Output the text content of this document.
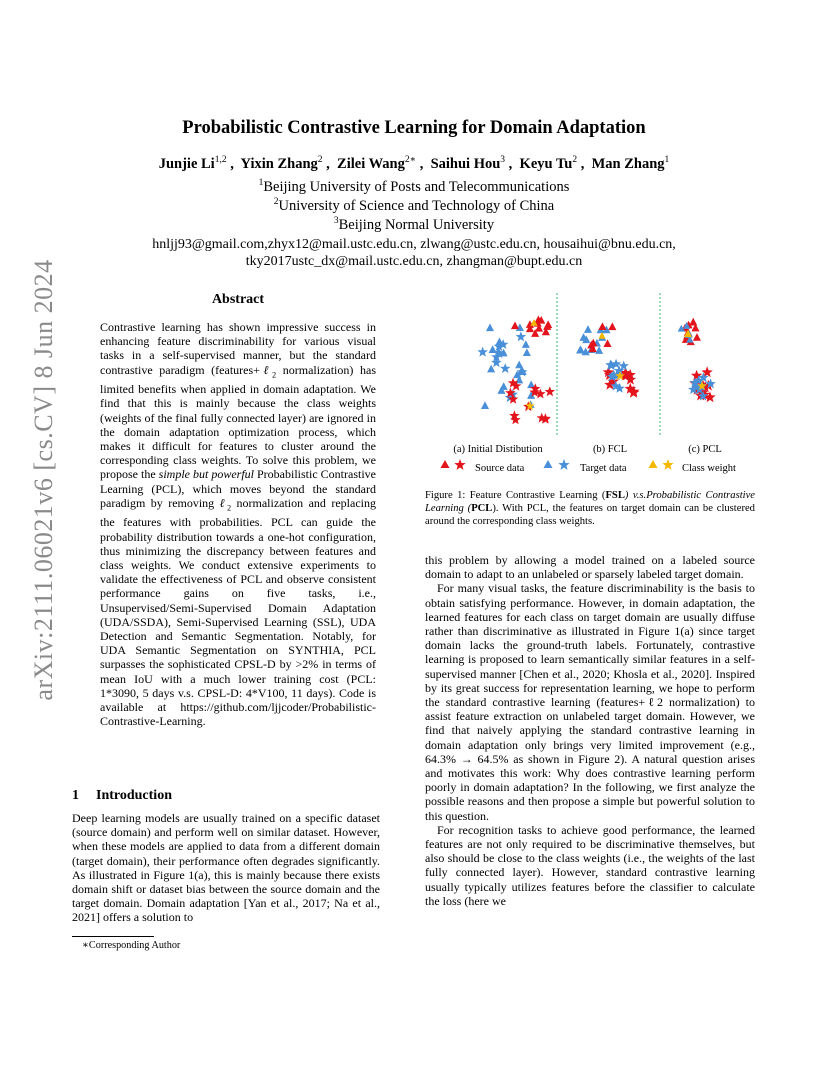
arXiv:2111.06021v6 [cs.CV] 8 Jun 2024
Probabilistic Contrastive Learning for Domain Adaptation
Junjie Li$^{1,2}$ ,  Yixin Zhang$^2$ ,  Zilei Wang$^{2∗}$ ,  Saihui Hou$^3$ ,  Keyu Tu$^2$ ,  Man Zhang$^1$
$^1$Beijing University of Posts and Telecommunications
$^2$University of Science and Technology of China
$^3$Beijing Normal University
hnljj93@gmail.com,zhyx12@mail.ustc.edu.cn, zlwang@ustc.edu.cn, housaihui@bnu.edu.cn,
tky2017ustc_dx@mail.ustc.edu.cn, zhangman@bupt.edu.cn
Abstract

Contrastive learning has shown impressive success in enhancing feature discriminability for various visual tasks in a self-supervised manner, but the standard contrastive paradigm (features+ℓ$_2$ normalization) has limited benefits when applied in domain adaptation. We find that this is mainly because the class weights (weights of the final fully connected layer) are ignored in the domain adaptation optimization process, which makes it difficult for features to cluster around the corresponding class weights. To solve this problem, we propose the simple but powerful Probabilistic Contrastive Learning (PCL), which moves beyond the standard paradigm by removing ℓ$_2$ normalization and replacing the features with probabilities. PCL can guide the probability distribution towards a one-hot configuration, thus minimizing the discrepancy between features and class weights. We conduct extensive experiments to validate the effectiveness of PCL and observe consistent performance gains on five tasks, i.e., Unsupervised/Semi-Supervised Domain Adaptation (UDA/SSDA), Semi-Supervised Learning (SSL), UDA Detection and Semantic Segmentation. Notably, for UDA Semantic Segmentation on SYNTHIA, PCL surpasses the sophisticated CPSL-D by >2% in terms of mean IoU with a much lower training cost (PCL: 1*3090, 5 days v.s. CPSL-D: 4*V100, 11 days). Code is available at https://github.com/ljjcoder/Probabilistic-Contrastive-Learning.

1 Introduction
Deep learning models are usually trained on a specific dataset (source domain) and perform well on similar dataset. However, when these models are applied to data from a different domain (target domain), their performance often degrades significantly. As illustrated in Figure 1(a), this is mainly because there exists domain shift or dataset bias between the source domain and the target domain. Domain adaptation [Yan et al., 2017; Na et al., 2021] offers a solution to
∗Corresponding Author
(a) Initial Distibution	(b) FCL	(c) PCL
Source data	Target data	Class weight
Figure 1: Feature Contrastive Learning (FSL) v.s.Probabilistic Contrastive Learning (PCL). With PCL, the features on target domain can be clustered around the corresponding class weights.

this problem by allowing a model trained on a labeled source domain to adapt to an unlabeled or sparsely labeled target domain.

For many visual tasks, the feature discriminability is the basis to obtain satisfying performance. However, in domain adaptation, the learned features for each class on target domain are usually diffuse rather than discriminative as illustrated in Figure 1(a) since target domain lacks the ground-truth labels. Fortunately, contrastive learning is proposed to learn semantically similar features in a self-supervised manner [Chen et al., 2020; Khosla et al., 2020]. Inspired by its great success for representation learning, we hope to perform the standard contrastive learning (features+ℓ2 normalization) to assist feature extraction on unlabeled target domain. However, we find that naively applying the standard contrastive learning in domain adaptation only brings very limited improvement (e.g., 64.3% → 64.5% as shown in Figure 2). A natural question arises and motivates this work: Why does contrastive learning perform poorly in domain adaptation? In the following, we first analyze the possible reasons and then propose a simple but powerful solution to this question.

For recognition tasks to achieve good performance, the learned features are not only required to be discriminative themselves, but also should be close to the class weights (i.e., the weights of the last fully connected layer). However, standard contrastive learning usually typically utilizes features before the classifier to calculate the loss (here we
